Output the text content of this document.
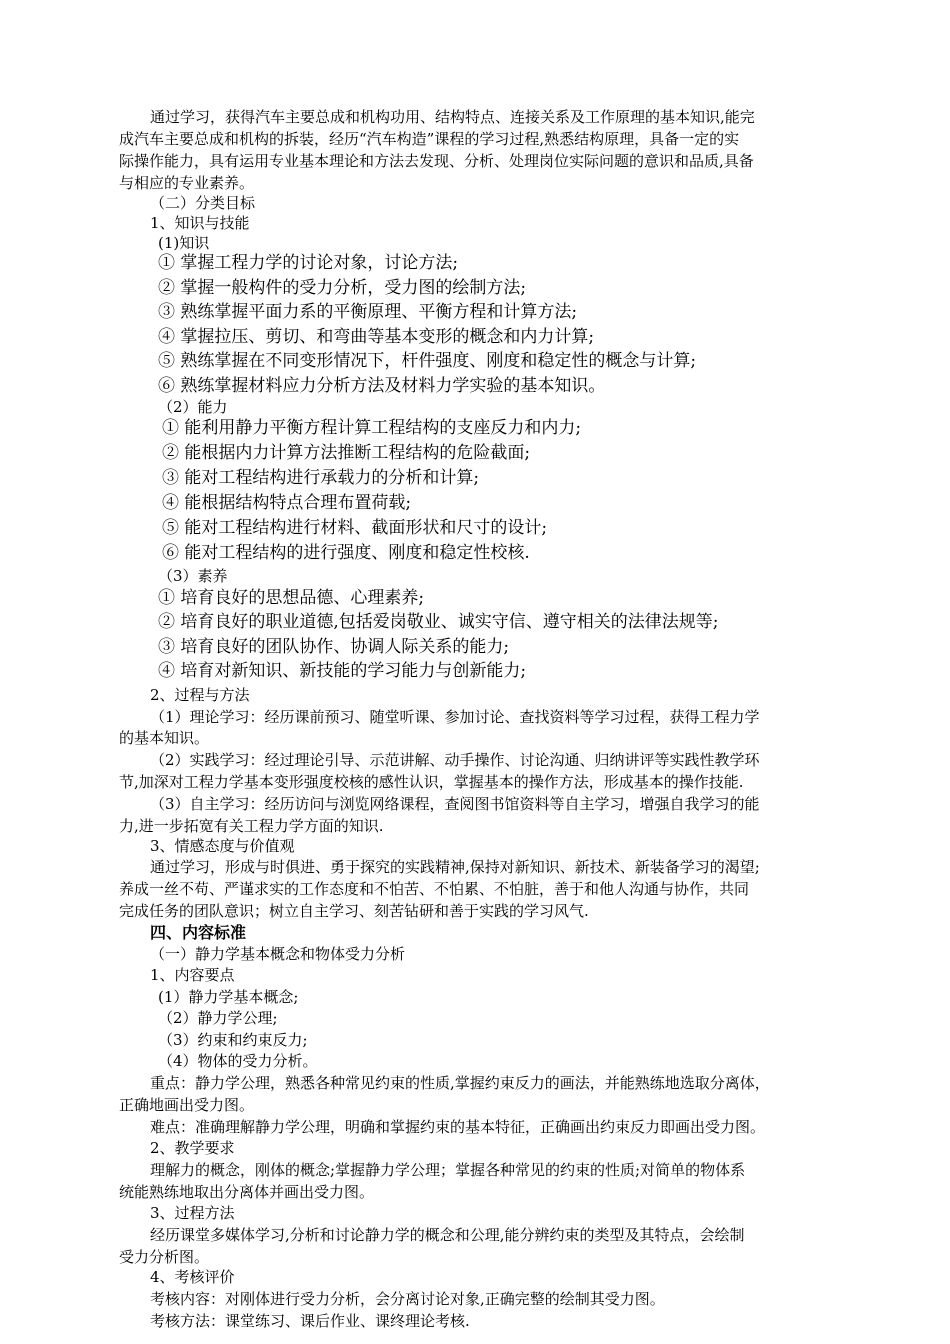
通过学习，获得汽车主要总成和机构功用、结构特点、连接关系及工作原理的基本知识,能完
成汽车主要总成和机构的拆装，经历“汽车构造”课程的学习过程,熟悉结构原理，具备一定的实
际操作能力，具有运用专业基本理论和方法去发现、分析、处理岗位实际问题的意识和品质,具备
与相应的专业素养。
（二）分类目标
1、知识与技能
(1)知识
① 掌握工程力学的讨论对象，讨论方法;
② 掌握一般构件的受力分析，受力图的绘制方法;
③ 熟练掌握平面力系的平衡原理、平衡方程和计算方法;
④ 掌握拉压、剪切、和弯曲等基本变形的概念和内力计算;
⑤ 熟练掌握在不同变形情况下，杆件强度、刚度和稳定性的概念与计算;
⑥ 熟练掌握材料应力分析方法及材料力学实验的基本知识。
（2）能力
① 能利用静力平衡方程计算工程结构的支座反力和内力;
➁ 能根据内力计算方法推断工程结构的危险截面;
➂ 能对工程结构进行承载力的分析和计算;
➃ 能根据结构特点合理布置荷载;
➄ 能对工程结构进行材料、截面形状和尺寸的设计;
➅ 能对工程结构的进行强度、刚度和稳定性校核.
（3）素养
① 培育良好的思想品德、心理素养;
② 培育良好的职业道德,包括爱岗敬业、诚实守信、遵守相关的法律法规等;
③ 培育良好的团队协作、协调人际关系的能力;
④ 培育对新知识、新技能的学习能力与创新能力;
2、过程与方法
（1）理论学习：经历课前预习、随堂听课、参加讨论、查找资料等学习过程，获得工程力学
的基本知识。
（2）实践学习：经过理论引导、示范讲解、动手操作、讨论沟通、归纳讲评等实践性教学环
节,加深对工程力学基本变形强度校核的感性认识，掌握基本的操作方法，形成基本的操作技能.
（3）自主学习：经历访问与浏览网络课程，查阅图书馆资料等自主学习，增强自我学习的能
力,进一步拓宽有关工程力学方面的知识.
3、情感态度与价值观
通过学习，形成与时俱进、勇于探究的实践精神,保持对新知识、新技术、新装备学习的渴望;
养成一丝不苟、严谨求实的工作态度和不怕苦、不怕累、不怕脏，善于和他人沟通与协作，共同
完成任务的团队意识；树立自主学习、刻苦钻研和善于实践的学习风气.
四、内容标准
（一）静力学基本概念和物体受力分析
1、内容要点
(1）静力学基本概念;
（2）静力学公理;
（3）约束和约束反力;
（4）物体的受力分析。
重点：静力学公理，熟悉各种常见约束的性质,掌握约束反力的画法，并能熟练地选取分离体，
正确地画出受力图。
难点：准确理解静力学公理，明确和掌握约束的基本特征，正确画出约束反力即画出受力图。
2、教学要求
理解力的概念，刚体的概念;掌握静力学公理；掌握各种常见的约束的性质;对简单的物体系
统能熟练地取出分离体并画出受力图。
3、过程方法
经历课堂多媒体学习,分析和讨论静力学的概念和公理,能分辨约束的类型及其特点，会绘制
受力分析图。
4、考核评价
考核内容：对刚体进行受力分析，会分离讨论对象,正确完整的绘制其受力图。
考核方法：课堂练习、课后作业、课终理论考核.
